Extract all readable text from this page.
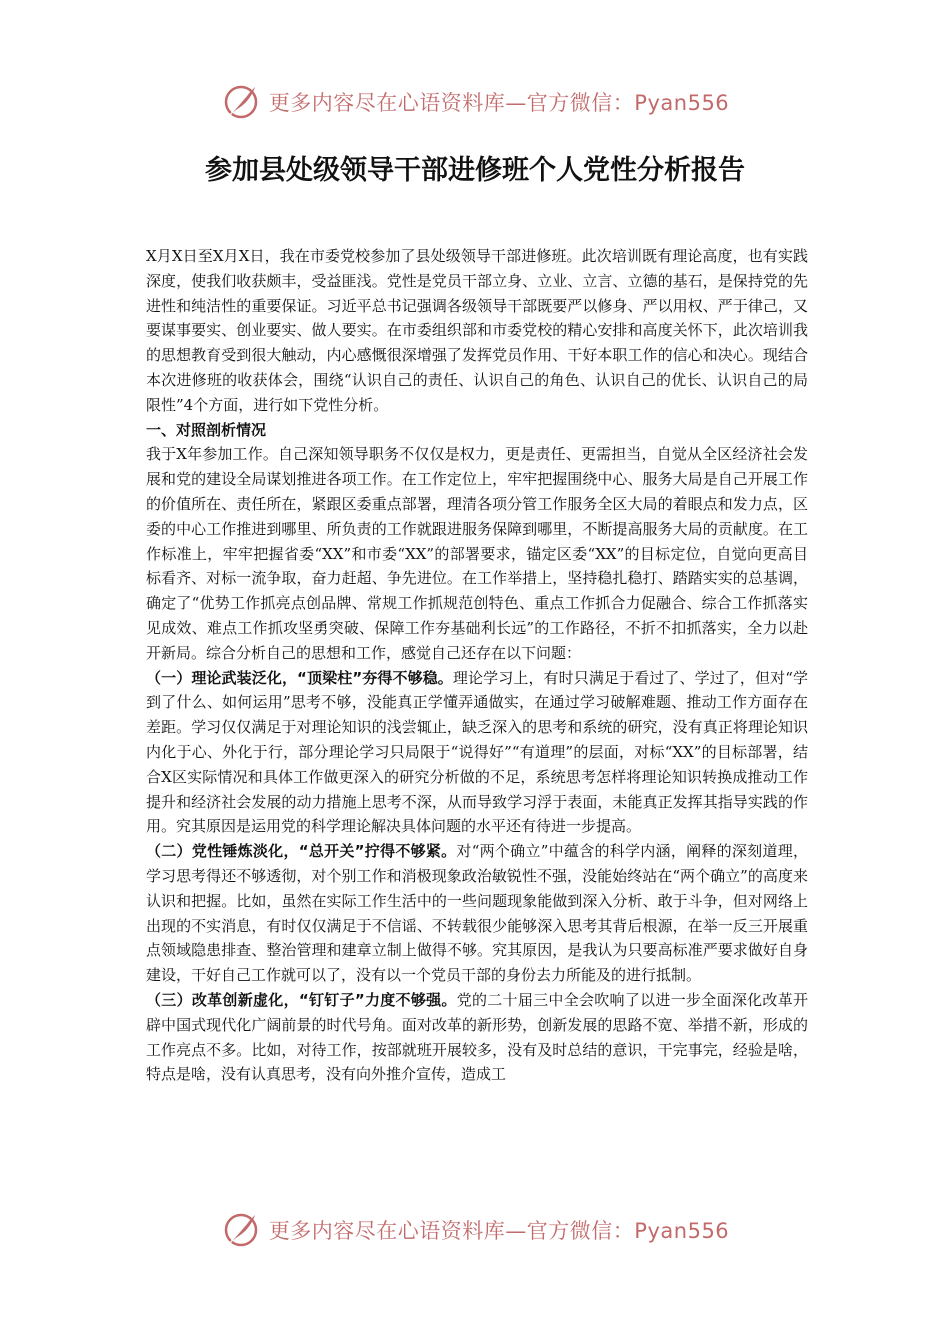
更多内容尽在心语资料库—官方微信：Pyan556
参加县处级领导干部进修班个人党性分析报告

X月X日至X月X日，我在市委党校参加了县处级领导干部进修班。此次培训既有理论高度，也有实践深度，使我们收获颇丰，受益匪浅。党性是党员干部立身、立业、立言、立德的基石，是保持党的先进性和纯洁性的重要保证。习近平总书记强调各级领导干部既要严以修身、严以用权、严于律己，又要谋事要实、创业要实、做人要实。在市委组织部和市委党校的精心安排和高度关怀下，此次培训我的思想教育受到很大触动，内心感慨很深增强了发挥党员作用、干好本职工作的信心和决心。现结合本次进修班的收获体会，围绕“认识自己的责任、认识自己的角色、认识自己的优长、认识自己的局限性”4个方面，进行如下党性分析。

一、对照剖析情况

我于X年参加工作。自己深知领导职务不仅仅是权力，更是责任、更需担当，自觉从全区经济社会发展和党的建设全局谋划推进各项工作。在工作定位上，牢牢把握围绕中心、服务大局是自己开展工作的价值所在、责任所在，紧跟区委重点部署，理清各项分管工作服务全区大局的着眼点和发力点，区委的中心工作推进到哪里、所负责的工作就跟进服务保障到哪里，不断提高服务大局的贡献度。在工作标准上，牢牢把握省委“XX”和市委“XX”的部署要求，锚定区委“XX”的目标定位，自觉向更高目标看齐、对标一流争取，奋力赶超、争先进位。在工作举措上，坚持稳扎稳打、踏踏实实的总基调，确定了“优势工作抓亮点创品牌、常规工作抓规范创特色、重点工作抓合力促融合、综合工作抓落实见成效、难点工作抓攻坚勇突破、保障工作夯基础利长远”的工作路径，不折不扣抓落实，全力以赴开新局。综合分析自己的思想和工作，感觉自己还存在以下问题：

（一）理论武装泛化，“顶梁柱”夯得不够稳。理论学习上，有时只满足于看过了、学过了，但对“学到了什么、如何运用”思考不够，没能真正学懂弄通做实，在通过学习破解难题、推动工作方面存在差距。学习仅仅满足于对理论知识的浅尝辄止，缺乏深入的思考和系统的研究，没有真正将理论知识内化于心、外化于行，部分理论学习只局限于“说得好”“有道理”的层面，对标“XX”的目标部署，结合X区实际情况和具体工作做更深入的研究分析做的不足，系统思考怎样将理论知识转换成推动工作提升和经济社会发展的动力措施上思考不深，从而导致学习浮于表面，未能真正发挥其指导实践的作用。究其原因是运用党的科学理论解决具体问题的水平还有待进一步提高。

（二）党性锤炼淡化，“总开关”拧得不够紧。对“两个确立”中蕴含的科学内涵，阐释的深刻道理，学习思考得还不够透彻，对个别工作和消极现象政治敏锐性不强，没能始终站在“两个确立”的高度来认识和把握。比如，虽然在实际工作生活中的一些问题现象能做到深入分析、敢于斗争，但对网络上出现的不实消息，有时仅仅满足于不信谣、不转载很少能够深入思考其背后根源，在举一反三开展重点领域隐患排查、整治管理和建章立制上做得不够。究其原因，是我认为只要高标准严要求做好自身建设，干好自己工作就可以了，没有以一个党员干部的身份去力所能及的进行抵制。

（三）改革创新虚化，“钉钉子”力度不够强。党的二十届三中全会吹响了以进一步全面深化改革开辟中国式现代化广阔前景的时代号角。面对改革的新形势，创新发展的思路不宽、举措不新，形成的工作亮点不多。比如，对待工作，按部就班开展较多，没有及时总结的意识，干完事完，经验是啥，特点是啥，没有认真思考，没有向外推介宣传，造成工

更多内容尽在心语资料库—官方微信：Pyan556
